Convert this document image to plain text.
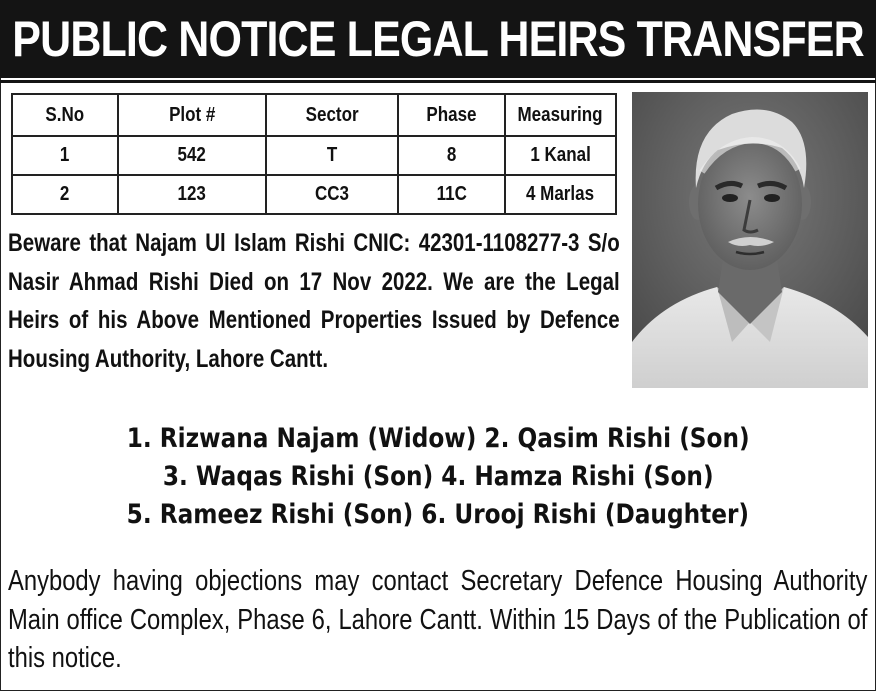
PUBLIC NOTICE LEGAL HEIRS TRANSFER
S.No	Plot #	Sector	Phase	Measuring
1	542	T	8	1 Kanal
2	123	CC3	11C	4 Marlas
Beware that Najam Ul Islam Rishi CNIC: 42301-1108277-3 S/o Nasir Ahmad Rishi Died on 17 Nov 2022. We are the Legal Heirs of his Above Mentioned Properties Issued by Defence Housing Authority, Lahore Cantt.
1. Rizwana Najam (Widow) 2. Qasim Rishi (Son)
3. Waqas Rishi (Son) 4. Hamza Rishi (Son)
5. Rameez Rishi (Son) 6. Urooj Rishi (Daughter)
Anybody having objections may contact Secretary Defence Housing Authority Main office Complex, Phase 6, Lahore Cantt. Within 15 Days of the Publication of this notice.
